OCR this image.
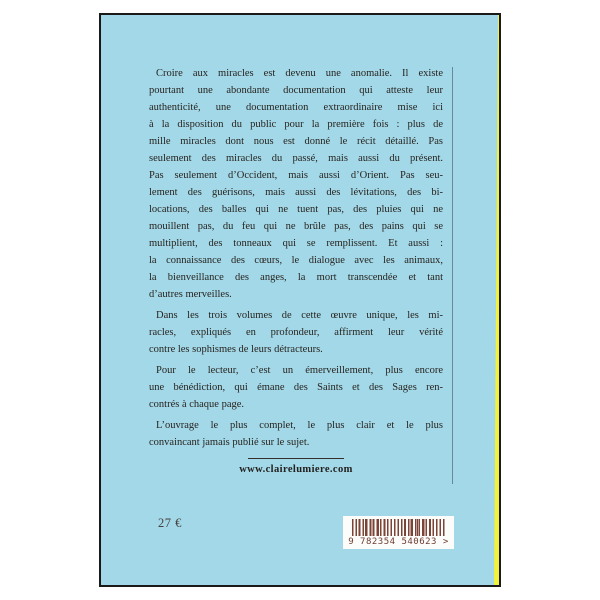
Croire aux miracles est devenu une anomalie. Il existe
pourtant une abondante documentation qui atteste leur
authenticité, une documentation extraordinaire mise ici
à la disposition du public pour la première fois : plus de
mille miracles dont nous est donné le récit détaillé. Pas
seulement des miracles du passé, mais aussi du présent.
Pas seulement d’Occident, mais aussi d’Orient. Pas seu-
lement des guérisons, mais aussi des lévitations, des bi-
locations, des balles qui ne tuent pas, des pluies qui ne
mouillent pas, du feu qui ne brûle pas, des pains qui se
multiplient, des tonneaux qui se remplissent. Et aussi :
la connaissance des cœurs, le dialogue avec les animaux,
la bienveillance des anges, la mort transcendée et tant
d’autres merveilles.
Dans les trois volumes de cette œuvre unique, les mi-
racles, expliqués en profondeur, affirment leur vérité
contre les sophismes de leurs détracteurs.
Pour le lecteur, c’est un émerveillement, plus encore
une bénédiction, qui émane des Saints et des Sages ren-
contrés à chaque page.
L’ouvrage le plus complet, le plus clair et le plus
convaincant jamais publié sur le sujet.
www.clairelumiere.com
27 €
9 782354 540623 >
